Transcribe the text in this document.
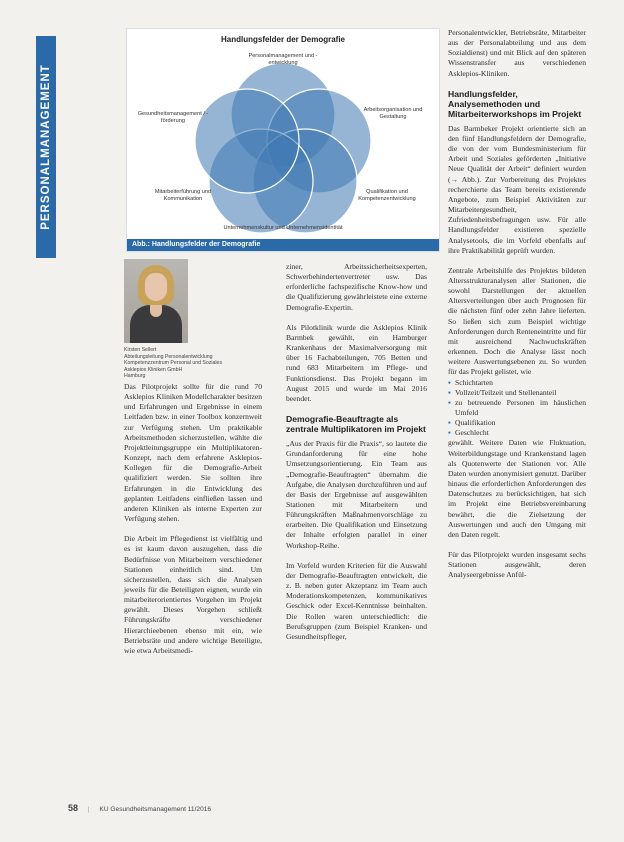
PERSONALMANAGEMENT
Handlungsfelder der Demografie
Personalmanagement und -entwicklung
Arbeitsorganisation und Gestaltung
Qualifikation und Kompetenzentwicklung
Gesundheitsmanagement / -förderung
Mitarbeiterführung und Kommunikation
Unternehmenskultur und Unternehmensidentität
Abb.: Handlungsfelder der Demografie
Kirsten Sellert
Abteilungsleitung Personalentwicklung
Kompetenzzentrum Personal und Soziales
Asklepios Kliniken GmbH
Hamburg

Das Pilotprojekt sollte für die rund 70 Asklepios Kliniken Modellcharakter besitzen und Erfahrungen und Ergebnisse in einem Leitfaden bzw. in einer Toolbox konzernweit zur Verfügung stehen. Um praktikable Arbeitsmethoden sicherzustellen, wählte die Projektleitungsgruppe ein Multiplikatoren-Konzept, nach dem erfahrene Asklepios-Kollegen für die Demografie-Arbeit qualifiziert werden. Sie sollten ihre Erfahrungen in die Entwicklung des geplanten Leitfadens einfließen lassen und anderen Kliniken als interne Experten zur Verfügung stehen.

Die Arbeit im Pflegedienst ist vielfältig und es ist kaum davon auszugehen, dass die Bedürfnisse von Mitarbeitern verschiedener Stationen einheitlich sind. Um sicherzustellen, dass sich die Analysen jeweils für die Beteiligten eignen, wurde ein mitarbeiterorientiertes Vorgehen im Projekt gewählt. Dieses Vorgehen schließt Führungskräfte verschiedener Hierarchieebenen ebenso mit ein, wie Betriebsräte und andere wichtige Beteiligte, wie etwa Arbeitsmedi-

ziner, Arbeitssicherheitsexperten, Schwerbehindertenvertreter usw. Das erforderliche fachspezifische Know-how und die Qualifizierung gewährleistete eine externe Demografie-Expertin.

Als Pilotklinik wurde die Asklepios Klinik Barmbek gewählt, ein Hamburger Krankenhaus der Maximalversorgung mit über 16 Fachabteilungen, 705 Betten und rund 683 Mitarbeitern im Pflege- und Funktionsdienst. Das Projekt begann im August 2015 und wurde im Mai 2016 beendet.

Demografie-Beauftragte als zentrale Multiplikatoren im Projekt

„Aus der Praxis für die Praxis“, so lautete die Grundanforderung für eine hohe Umsetzungsorientierung. Ein Team aus „Demografie-Beauftragten“ übernahm die Aufgabe, die Analysen durchzuführen und auf der Basis der Ergebnisse auf ausgewählten Stationen mit Mitarbeitern und Führungskräften Maßnahmenvorschläge zu erarbeiten. Die Qualifikation und Einsetzung der Inhalte erfolgten parallel in einer Workshop-Reihe.

Im Vorfeld wurden Kriterien für die Auswahl der Demografie-Beauftragten entwickelt, die z. B. neben guter Akzeptanz im Team auch Moderationskompetenzen, kommunikatives Geschick oder Excel-Kenntnisse beinhalten. Die Rollen waren unterschiedlich: die Berufsgruppen (zum Beispiel Kranken- und Gesundheitspfleger,

Personalentwickler, Betriebsräte, Mitarbeiter aus der Personalabteilung und aus dem Sozialdienst) und mit Blick auf den späteren Wissenstransfer aus verschiedenen Asklepios-Kliniken.

Handlungsfelder, Analysemethoden und Mitarbeiterworkshops im Projekt

Das Barmbeker Projekt orientierte sich an den fünf Handlungsfeldern der Demografie, die von der vom Bundesministerium für Arbeit und Soziales geförderten „Initiative Neue Qualität der Arbeit“ definiert wurden (→ Abb.). Zur Vorbereitung des Projektes recherchierte das Team bereits existierende Angebote, zum Beispiel Aktivitäten zur Mitarbeitergesundheit, Zufriedenheitsbefragungen usw. Für alle Handlungsfelder existieren spezielle Analysetools, die im Vorfeld ebenfalls auf ihre Praktikabilität geprüft wurden.

Zentrale Arbeitshilfe des Projektes bildeten Altersstrukturanalysen aller Stationen, die sowohl Darstellungen der aktuellen Altersverteilungen über auch Prognosen für die nächsten fünf oder zehn Jahre lieferten. So ließen sich zum Beispiel wichtige Anforderungen durch Renteneintritte und für mit ausreichend Nachwuchskräften erkennen. Doch die Analyse lässt noch weitere Auswertungsebenen zu. So wurden für das Projekt gelistet, wie

▪ Schichtarten
▪ Vollzeit/Teilzeit und Stellenanteil
▪ zu betreuende Personen im häuslichen Umfeld
▪ Qualifikation
▪ Geschlecht

gewählt. Weitere Daten wie Fluktuation, Weiterbildungstage und Krankenstand lagen als Quotenwerte der Stationen vor. Alle Daten wurden anonymisiert genutzt. Darüber hinaus die erforderlichen Anforderungen des Datenschutzes zu berücksichtigen, hat sich im Projekt eine Betriebsvereinbarung bewährt, die die Zielsetzung der Auswertungen und auch den Umgang mit den Daten regelt.

Für das Pilotprojekt wurden insgesamt sechs Stationen ausgewählt, deren Analyseergebnisse Anfül-

58 | KU Gesundheitsmanagement 11/2016
